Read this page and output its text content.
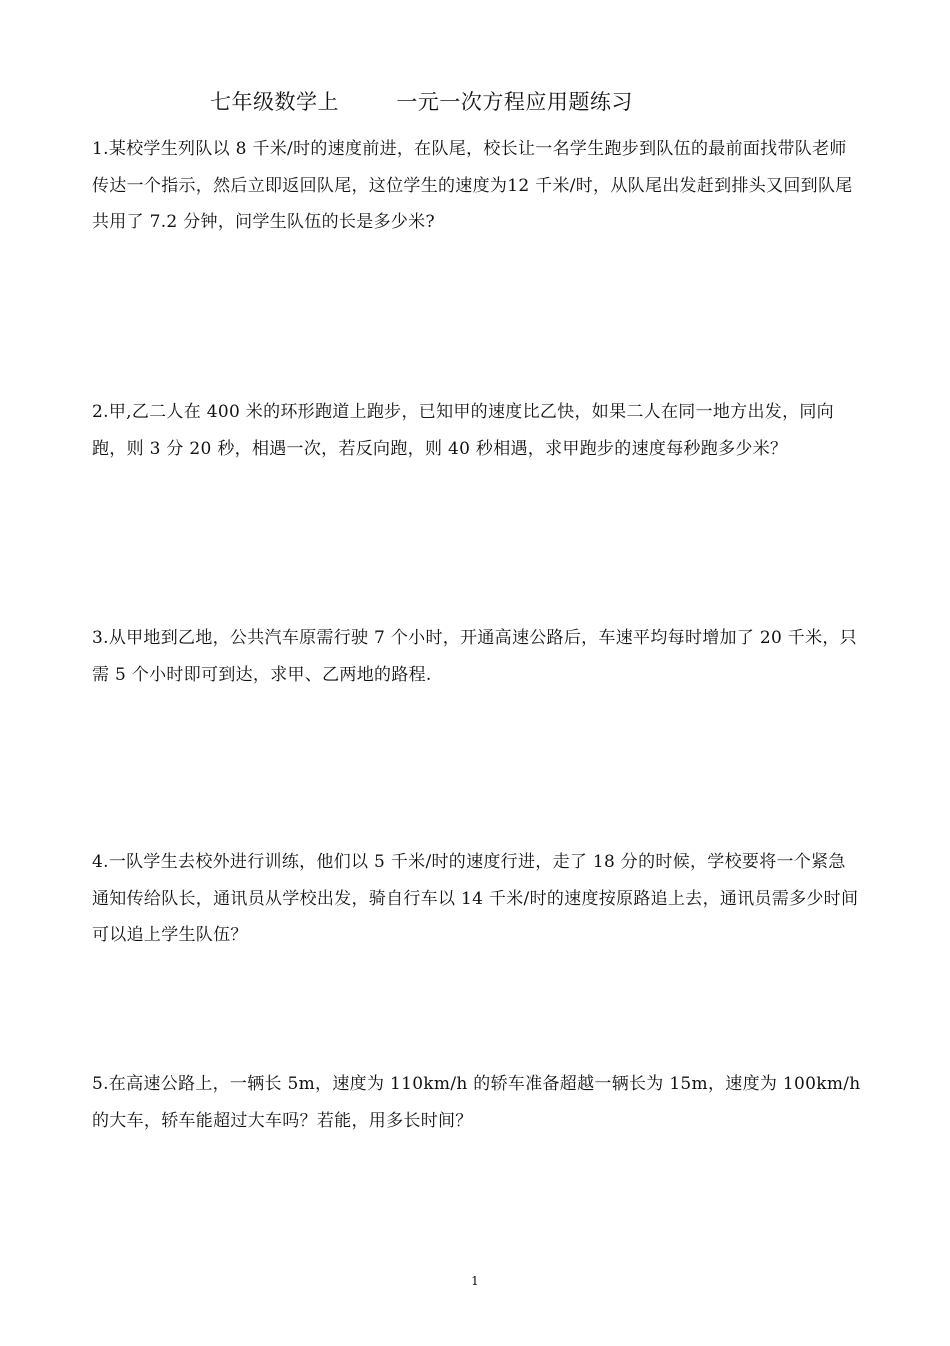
七年级数学上        一元一次方程应用题练习
1.某校学生列队以 8 千米/时的速度前进，在队尾，校长让一名学生跑步到队伍的最前面找带队老师传达一个指示，然后立即返回队尾，这位学生的速度为12 千米/时，从队尾出发赶到排头又回到队尾共用了 7.2 分钟，问学生队伍的长是多少米?
2.甲,乙二人在 400 米的环形跑道上跑步，已知甲的速度比乙快，如果二人在同一地方出发，同向跑，则 3 分 20 秒，相遇一次，若反向跑，则 40 秒相遇，求甲跑步的速度每秒跑多少米？
3.从甲地到乙地，公共汽车原需行驶 7 个小时，开通高速公路后，车速平均每时增加了 20 千米，只需 5 个小时即可到达，求甲、乙两地的路程.
4.一队学生去校外进行训练，他们以 5 千米/时的速度行进，走了 18 分的时候，学校要将一个紧急通知传给队长，通讯员从学校出发，骑自行车以 14 千米/时的速度按原路追上去，通讯员需多少时间可以追上学生队伍？
5.在高速公路上，一辆长 5m，速度为 110km/h 的轿车准备超越一辆长为 15m，速度为 100km/h 的大车，轿车能超过大车吗？若能，用多长时间？
1
